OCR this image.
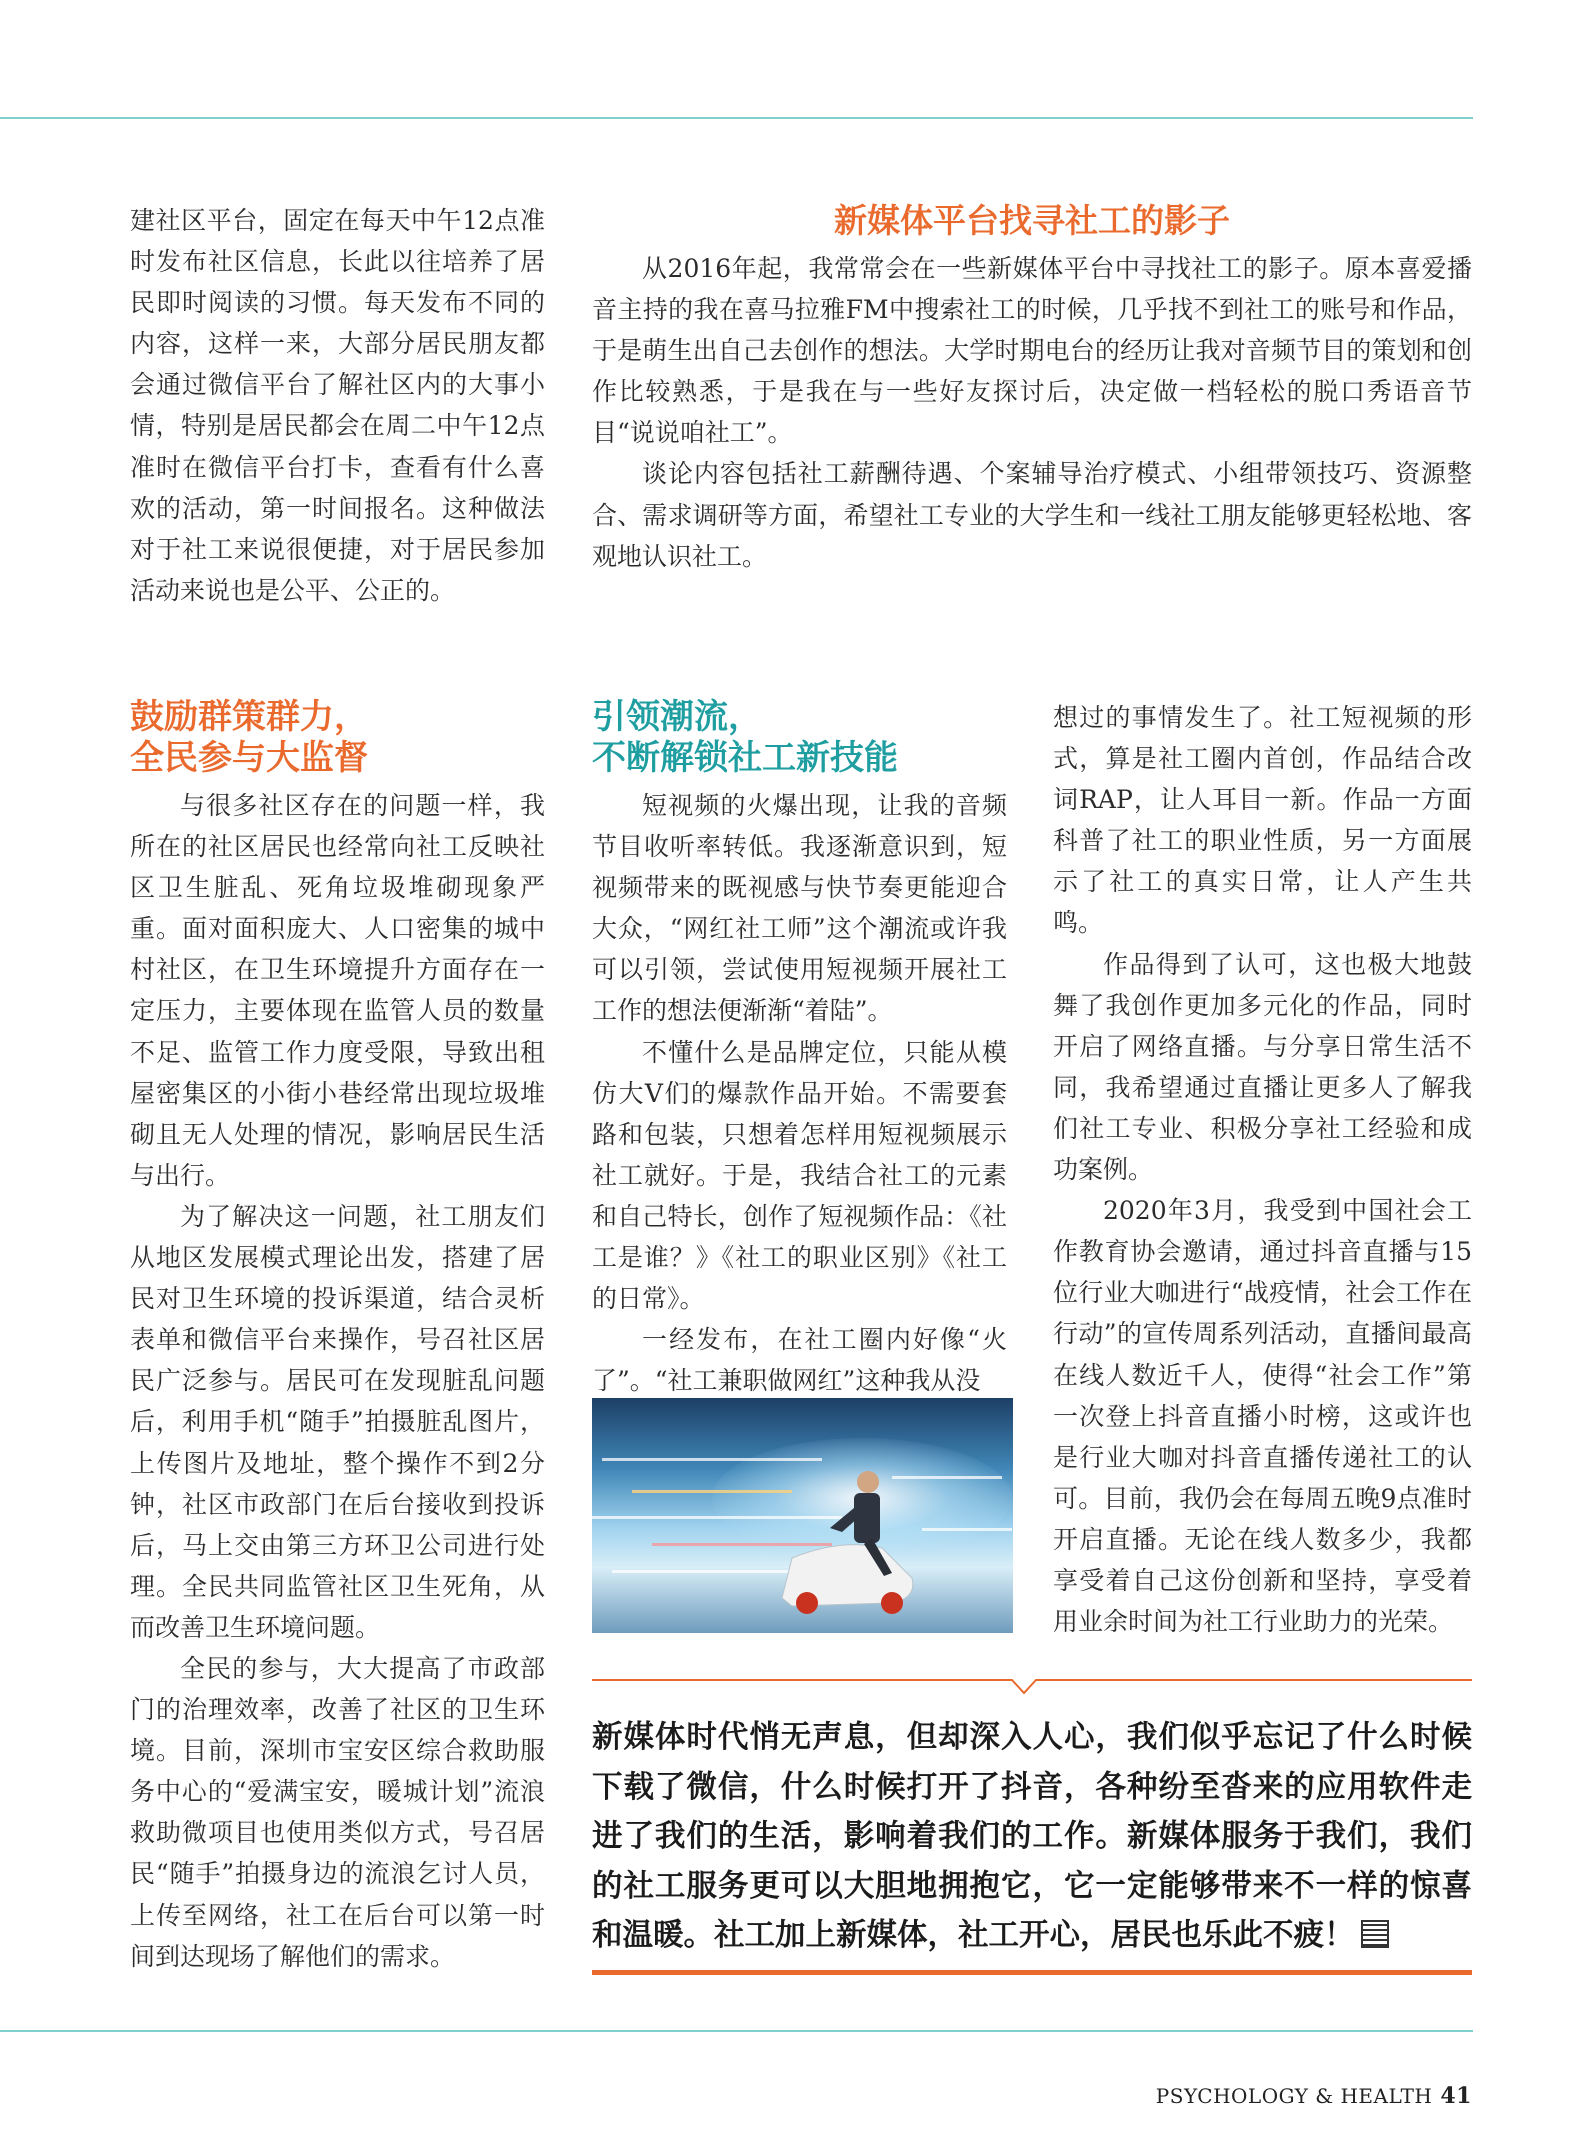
建社区平台，固定在每天中午12点准时发布社区信息，长此以往培养了居民即时阅读的习惯。每天发布不同的内容，这样一来，大部分居民朋友都会通过微信平台了解社区内的大事小情，特别是居民都会在周二中午12点准时在微信平台打卡，查看有什么喜欢的活动，第一时间报名。这种做法对于社工来说很便捷，对于居民参加活动来说也是公平、公正的。

新媒体平台找寻社工的影子

从2016年起，我常常会在一些新媒体平台中寻找社工的影子。原本喜爱播音主持的我在喜马拉雅FM中搜索社工的时候，几乎找不到社工的账号和作品，于是萌生出自己去创作的想法。大学时期电台的经历让我对音频节目的策划和创作比较熟悉，于是我在与一些好友探讨后，决定做一档轻松的脱口秀语音节目“说说咱社工”。

谈论内容包括社工薪酬待遇、个案辅导治疗模式、小组带领技巧、资源整合、需求调研等方面，希望社工专业的大学生和一线社工朋友能够更轻松地、客观地认识社工。

鼓励群策群力，
全民参与大监督

与很多社区存在的问题一样，我所在的社区居民也经常向社工反映社区卫生脏乱、死角垃圾堆砌现象严重。面对面积庞大、人口密集的城中村社区，在卫生环境提升方面存在一定压力，主要体现在监管人员的数量不足、监管工作力度受限，导致出租屋密集区的小街小巷经常出现垃圾堆砌且无人处理的情况，影响居民生活与出行。

为了解决这一问题，社工朋友们从地区发展模式理论出发，搭建了居民对卫生环境的投诉渠道，结合灵析表单和微信平台来操作，号召社区居民广泛参与。居民可在发现脏乱问题后，利用手机“随手”拍摄脏乱图片，上传图片及地址，整个操作不到2分钟，社区市政部门在后台接收到投诉后，马上交由第三方环卫公司进行处理。全民共同监管社区卫生死角，从而改善卫生环境问题。

全民的参与，大大提高了市政部门的治理效率，改善了社区的卫生环境。目前，深圳市宝安区综合救助服务中心的“爱满宝安，暖城计划”流浪救助微项目也使用类似方式，号召居民“随手”拍摄身边的流浪乞讨人员，上传至网络，社工在后台可以第一时间到达现场了解他们的需求。

引领潮流，
不断解锁社工新技能

短视频的火爆出现，让我的音频节目收听率转低。我逐渐意识到，短视频带来的既视感与快节奏更能迎合大众，“网红社工师”这个潮流或许我可以引领，尝试使用短视频开展社工工作的想法便渐渐“着陆”。

不懂什么是品牌定位，只能从模仿大V们的爆款作品开始。不需要套路和包装，只想着怎样用短视频展示社工就好。于是，我结合社工的元素和自己特长，创作了短视频作品：《社工是谁？》《社工的职业区别》《社工的日常》。

一经发布，在社工圈内好像“火了”。“社工兼职做网红”这种我从没

想过的事情发生了。社工短视频的形式，算是社工圈内首创，作品结合改词RAP，让人耳目一新。作品一方面科普了社工的职业性质，另一方面展示了社工的真实日常，让人产生共鸣。

作品得到了认可，这也极大地鼓舞了我创作更加多元化的作品，同时开启了网络直播。与分享日常生活不同，我希望通过直播让更多人了解我们社工专业、积极分享社工经验和成功案例。

2020年3月，我受到中国社会工作教育协会邀请，通过抖音直播与15位行业大咖进行“战疫情，社会工作在行动”的宣传周系列活动，直播间最高在线人数近千人，使得“社会工作”第一次登上抖音直播小时榜，这或许也是行业大咖对抖音直播传递社工的认可。目前，我仍会在每周五晚9点准时开启直播。无论在线人数多少，我都享受着自己这份创新和坚持，享受着用业余时间为社工行业助力的光荣。

新媒体时代悄无声息，但却深入人心，我们似乎忘记了什么时候下载了微信，什么时候打开了抖音，各种纷至沓来的应用软件走进了我们的生活，影响着我们的工作。新媒体服务于我们，我们的社工服务更可以大胆地拥抱它，它一定能够带来不一样的惊喜和温暖。社工加上新媒体，社工开心，居民也乐此不疲！
PSYCHOLOGY & HEALTH 41
